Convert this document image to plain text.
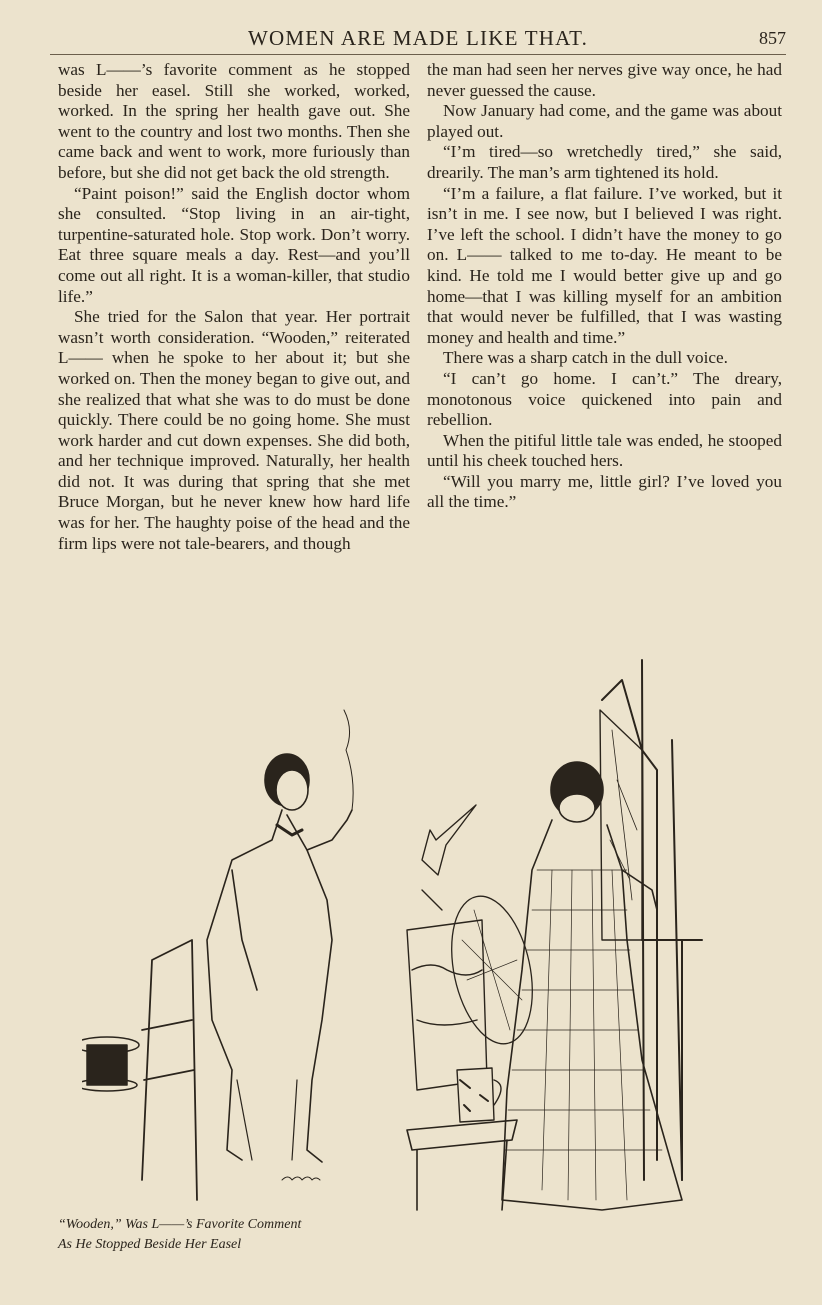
WOMEN ARE MADE LIKE THAT.	857

was L——’s favorite comment as he stopped beside her easel. Still she worked, worked, worked. In the spring her health gave out. She went to the country and lost two months. Then she came back and went to work, more furiously than before, but she did not get back the old strength.

“Paint poison!” said the English doctor whom she consulted. “Stop living in an air-tight, turpentine-saturated hole. Stop work. Don’t worry. Eat three square meals a day. Rest—and you’ll come out all right. It is a woman-killer, that studio life.”

She tried for the Salon that year. Her portrait wasn’t worth consideration. “Wooden,” reiterated L—— when he spoke to her about it; but she worked on. Then the money began to give out, and she realized that what she was to do must be done quickly. There could be no going home. She must work harder and cut down expenses. She did both, and her technique improved. Naturally, her health did not. It was during that spring that she met Bruce Morgan, but he never knew how hard life was for her. The haughty poise of the head and the firm lips were not tale-bearers, and though

the man had seen her nerves give way once, he had never guessed the cause.

Now January had come, and the game was about played out.

“I’m tired—so wretchedly tired,” she said, drearily. The man’s arm tightened its hold.

“I’m a failure, a flat failure. I’ve worked, but it isn’t in me. I see now, but I believed I was right. I’ve left the school. I didn’t have the money to go on. L—— talked to me to-day. He meant to be kind. He told me I would better give up and go home—that I was killing myself for an ambition that would never be fulfilled, that I was wasting money and health and time.”

There was a sharp catch in the dull voice.

“I can’t go home. I can’t.” The dreary, monotonous voice quickened into pain and rebellion.

When the pitiful little tale was ended, he stooped until his cheek touched hers.

“Will you marry me, little girl? I’ve loved you all the time.”

“Wooden,” Was L——’s Favorite Comment
As He Stopped Beside Her Easel
